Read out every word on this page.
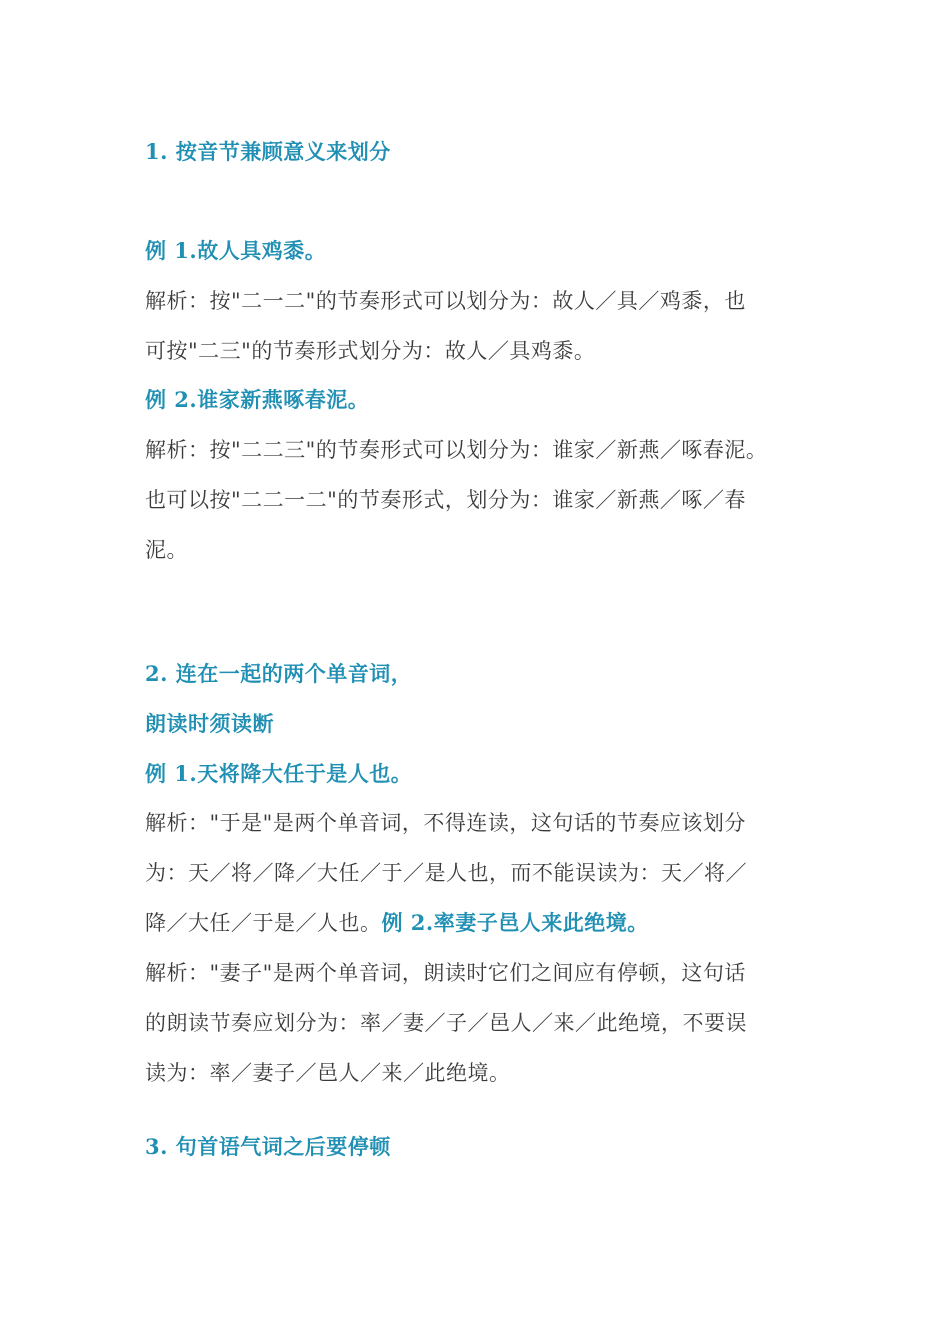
1. 按音节兼顾意义来划分
例 1.故人具鸡黍。
解析：按"二一二"的节奏形式可以划分为：故人／具／鸡黍，也
可按"二三"的节奏形式划分为：故人／具鸡黍。
例 2.谁家新燕啄春泥。
解析：按"二二三"的节奏形式可以划分为：谁家／新燕／啄春泥。
也可以按"二二一二"的节奏形式，划分为：谁家／新燕／啄／春
泥。
2. 连在一起的两个单音词，
朗读时须读断
例 1.天将降大任于是人也。
解析："于是"是两个单音词，不得连读，这句话的节奏应该划分
为：天／将／降／大任／于／是人也，而不能误读为：天／将／
降／大任／于是／人也。例 2.率妻子邑人来此绝境。
解析："妻子"是两个单音词，朗读时它们之间应有停顿，这句话
的朗读节奏应划分为：率／妻／子／邑人／来／此绝境，不要误
读为：率／妻子／邑人／来／此绝境。
3. 句首语气词之后要停顿
